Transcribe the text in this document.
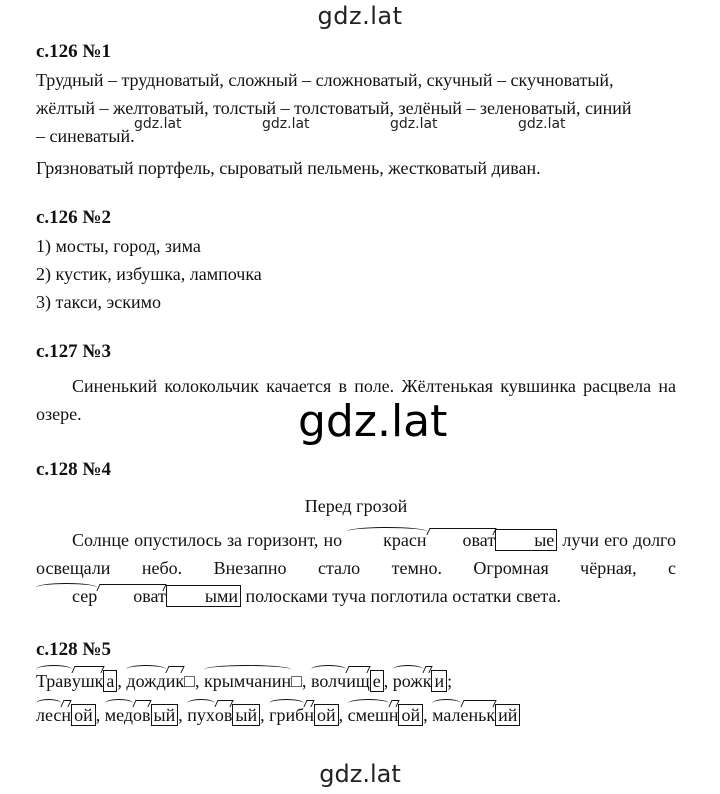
gdz.lat
gdz.lat	gdz.lat	gdz.lat	gdz.lat
gdz.lat

с.126 №1

Трудный – трудноватый, сложный – сложноватый, скучный – скучноватый,

жёлтый – желтоватый, толстый – толстоватый, зелёный – зеленоватый, синий

– синеватый.

Грязноватый портфель, сыроватый пельмень, жестковатый диван.

с.126 №2

1) мосты, город, зима

2) кустик, избушка, лампочка

3) такси, эскимо

с.127 №3

Синенький колокольчик качается в поле. Жёлтенькая кувшинка расцвела на озере.

с.128 №4

Перед грозой

Солнце опустилось за горизонт, но красн оват ые лучи его долго освещали небо. Внезапно стало темно. Огромная чёрная, с сер оват ыми полосками туча поглотила остатки света.

с.128 №5

Травушк а , дождик□, крымчанин□, волчищ е , рожк и ;

лесн ой , медов ый , пухов ый , грибн ой , смешн ой , маленьк ий

gdz.lat
